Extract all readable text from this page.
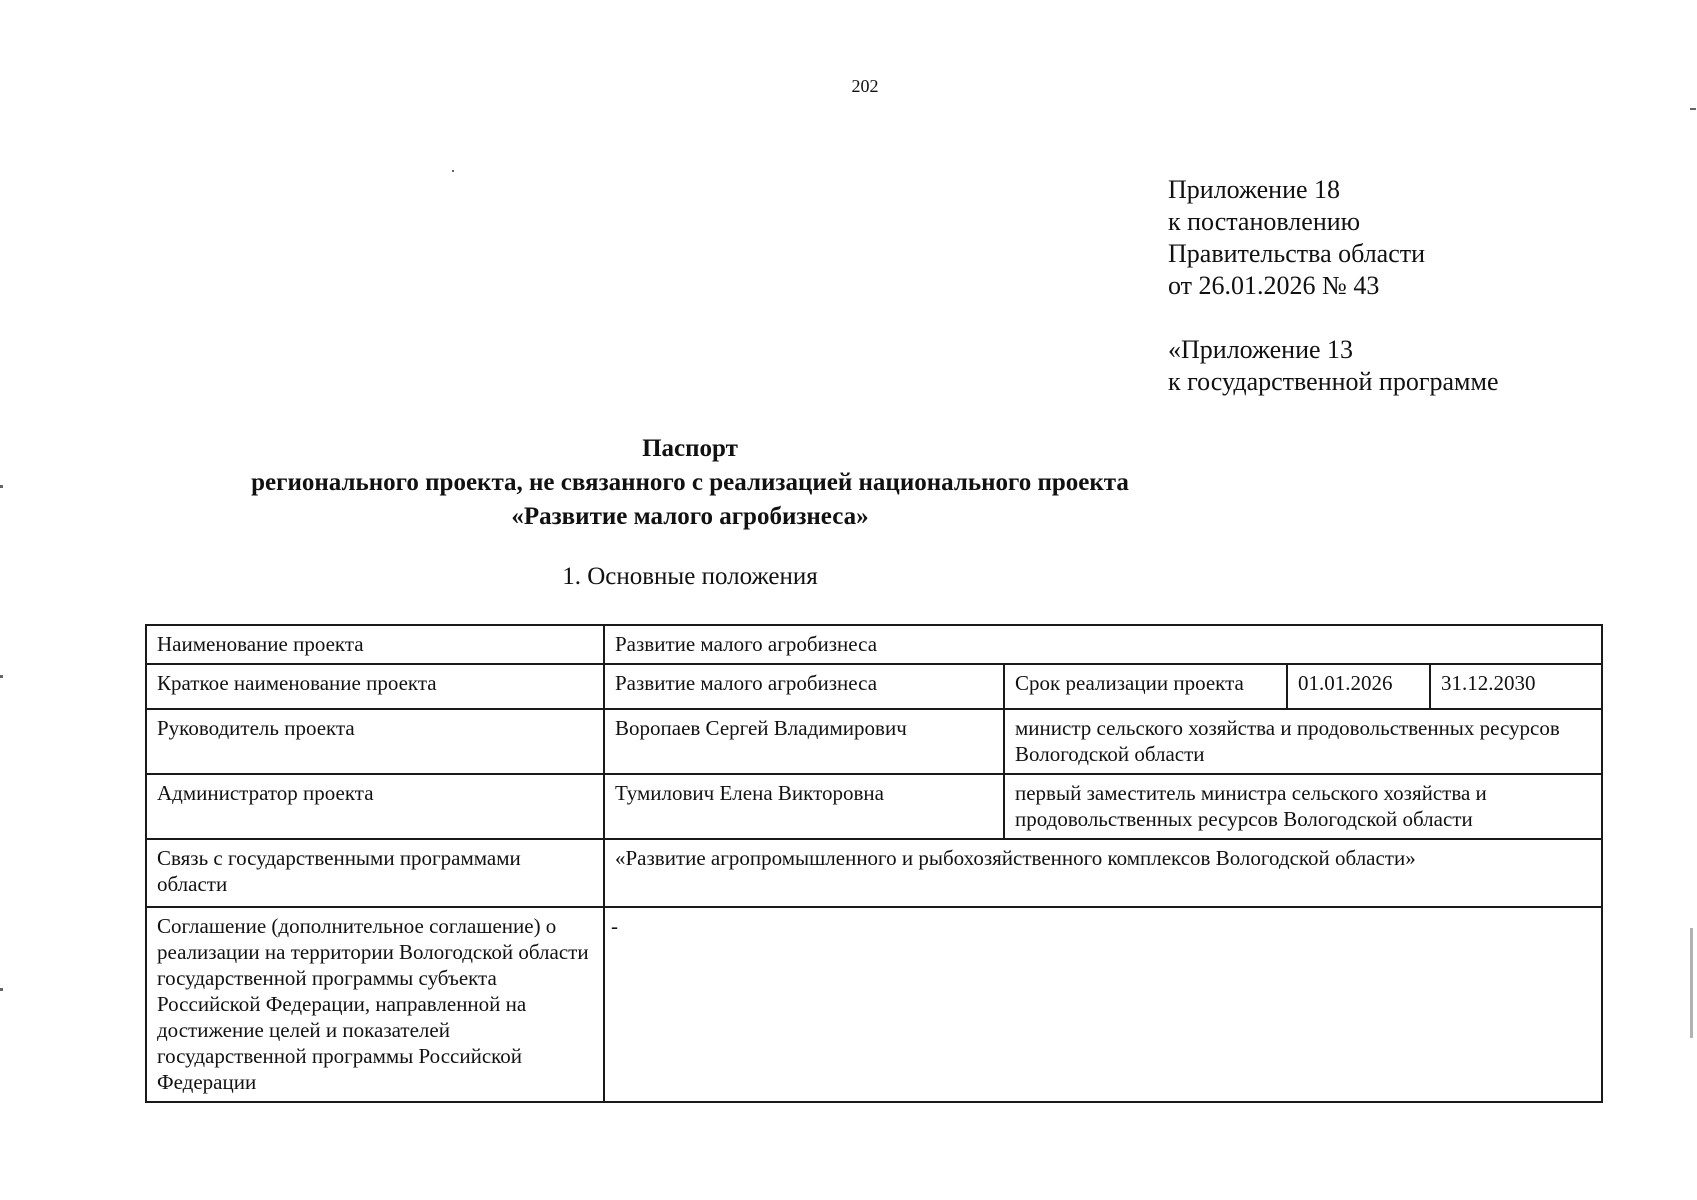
202
Приложение 18
к постановлению
Правительства области
от 26.01.2026 № 43
«Приложение 13
к государственной программе
Паспорт
регионального проекта, не связанного с реализацией национального проекта
«Развитие малого агробизнеса»
1. Основные положения
Наименование проекта	Развитие малого агробизнеса			
Краткое наименование проекта	Развитие малого агробизнеса	Срок реализации проекта	01.01.2026	31.12.2030
Руководитель проекта	Воропаев Сергей Владимирович	министр сельского хозяйства и продовольственных ресурсов Вологодской области		
Администратор проекта	Тумилович Елена Викторовна	первый заместитель министра сельского хозяйства и продовольственных ресурсов Вологодской области		
Связь с государственными программами области	«Развитие агропромышленного и рыбохозяйственного комплексов Вологодской области»			
Соглашение (дополнительное соглашение) о реализации на территории Вологодской области государственной программы субъекта Российской Федерации, направленной на достижение целей и показателей государственной программы Российской Федерации	-			
